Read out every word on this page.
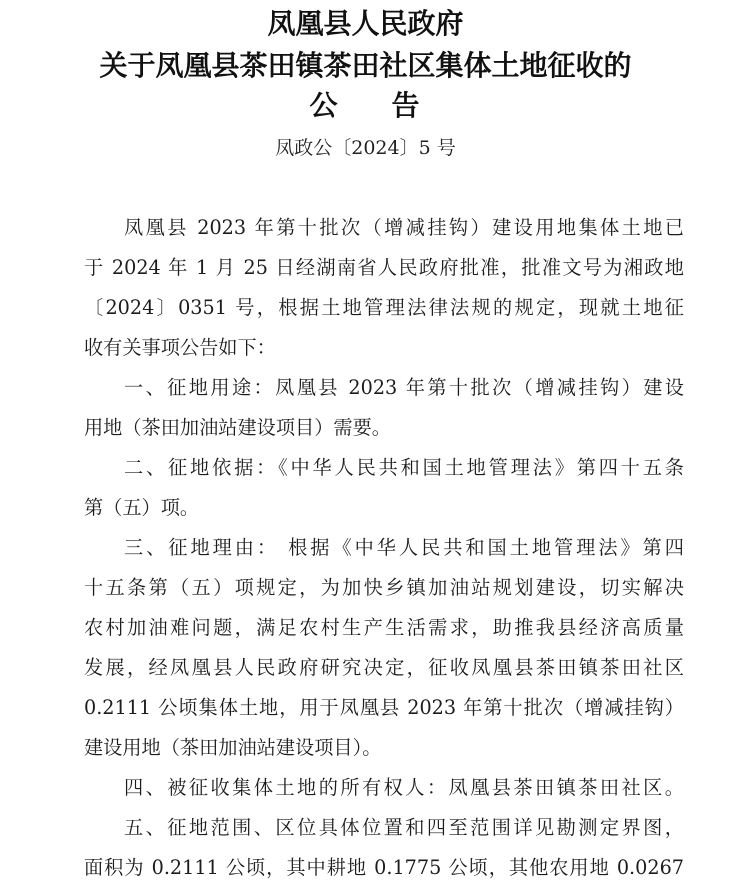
凤凰县人民政府
关于凤凰县茶田镇茶田社区集体土地征收的
公 告

凤政公〔2024〕5 号

凤凰县 2023 年第十批次（增减挂钩）建设用地集体土地已
于 2024 年 1 月 25 日经湖南省人民政府批准，批准文号为湘政地
〔2024〕0351 号，根据土地管理法律法规的规定，现就土地征
收有关事项公告如下：
一、征地用途：凤凰县 2023 年第十批次（增减挂钩）建设
用地（茶田加油站建设项目）需要。
二、征地依据：《中华人民共和国土地管理法》第四十五条
第（五）项。
三、征地理由： 根据《中华人民共和国土地管理法》第四
十五条第（五）项规定，为加快乡镇加油站规划建设，切实解决
农村加油难问题，满足农村生产生活需求，助推我县经济高质量
发展，经凤凰县人民政府研究决定，征收凤凰县茶田镇茶田社区
0.2111 公顷集体土地，用于凤凰县 2023 年第十批次（增减挂钩）
建设用地（茶田加油站建设项目）。
四、被征收集体土地的所有权人：凤凰县茶田镇茶田社区。
五、征地范围、区位具体位置和四至范围详见勘测定界图，
面积为 0.2111 公顷，其中耕地 0.1775 公顷，其他农用地 0.0267
